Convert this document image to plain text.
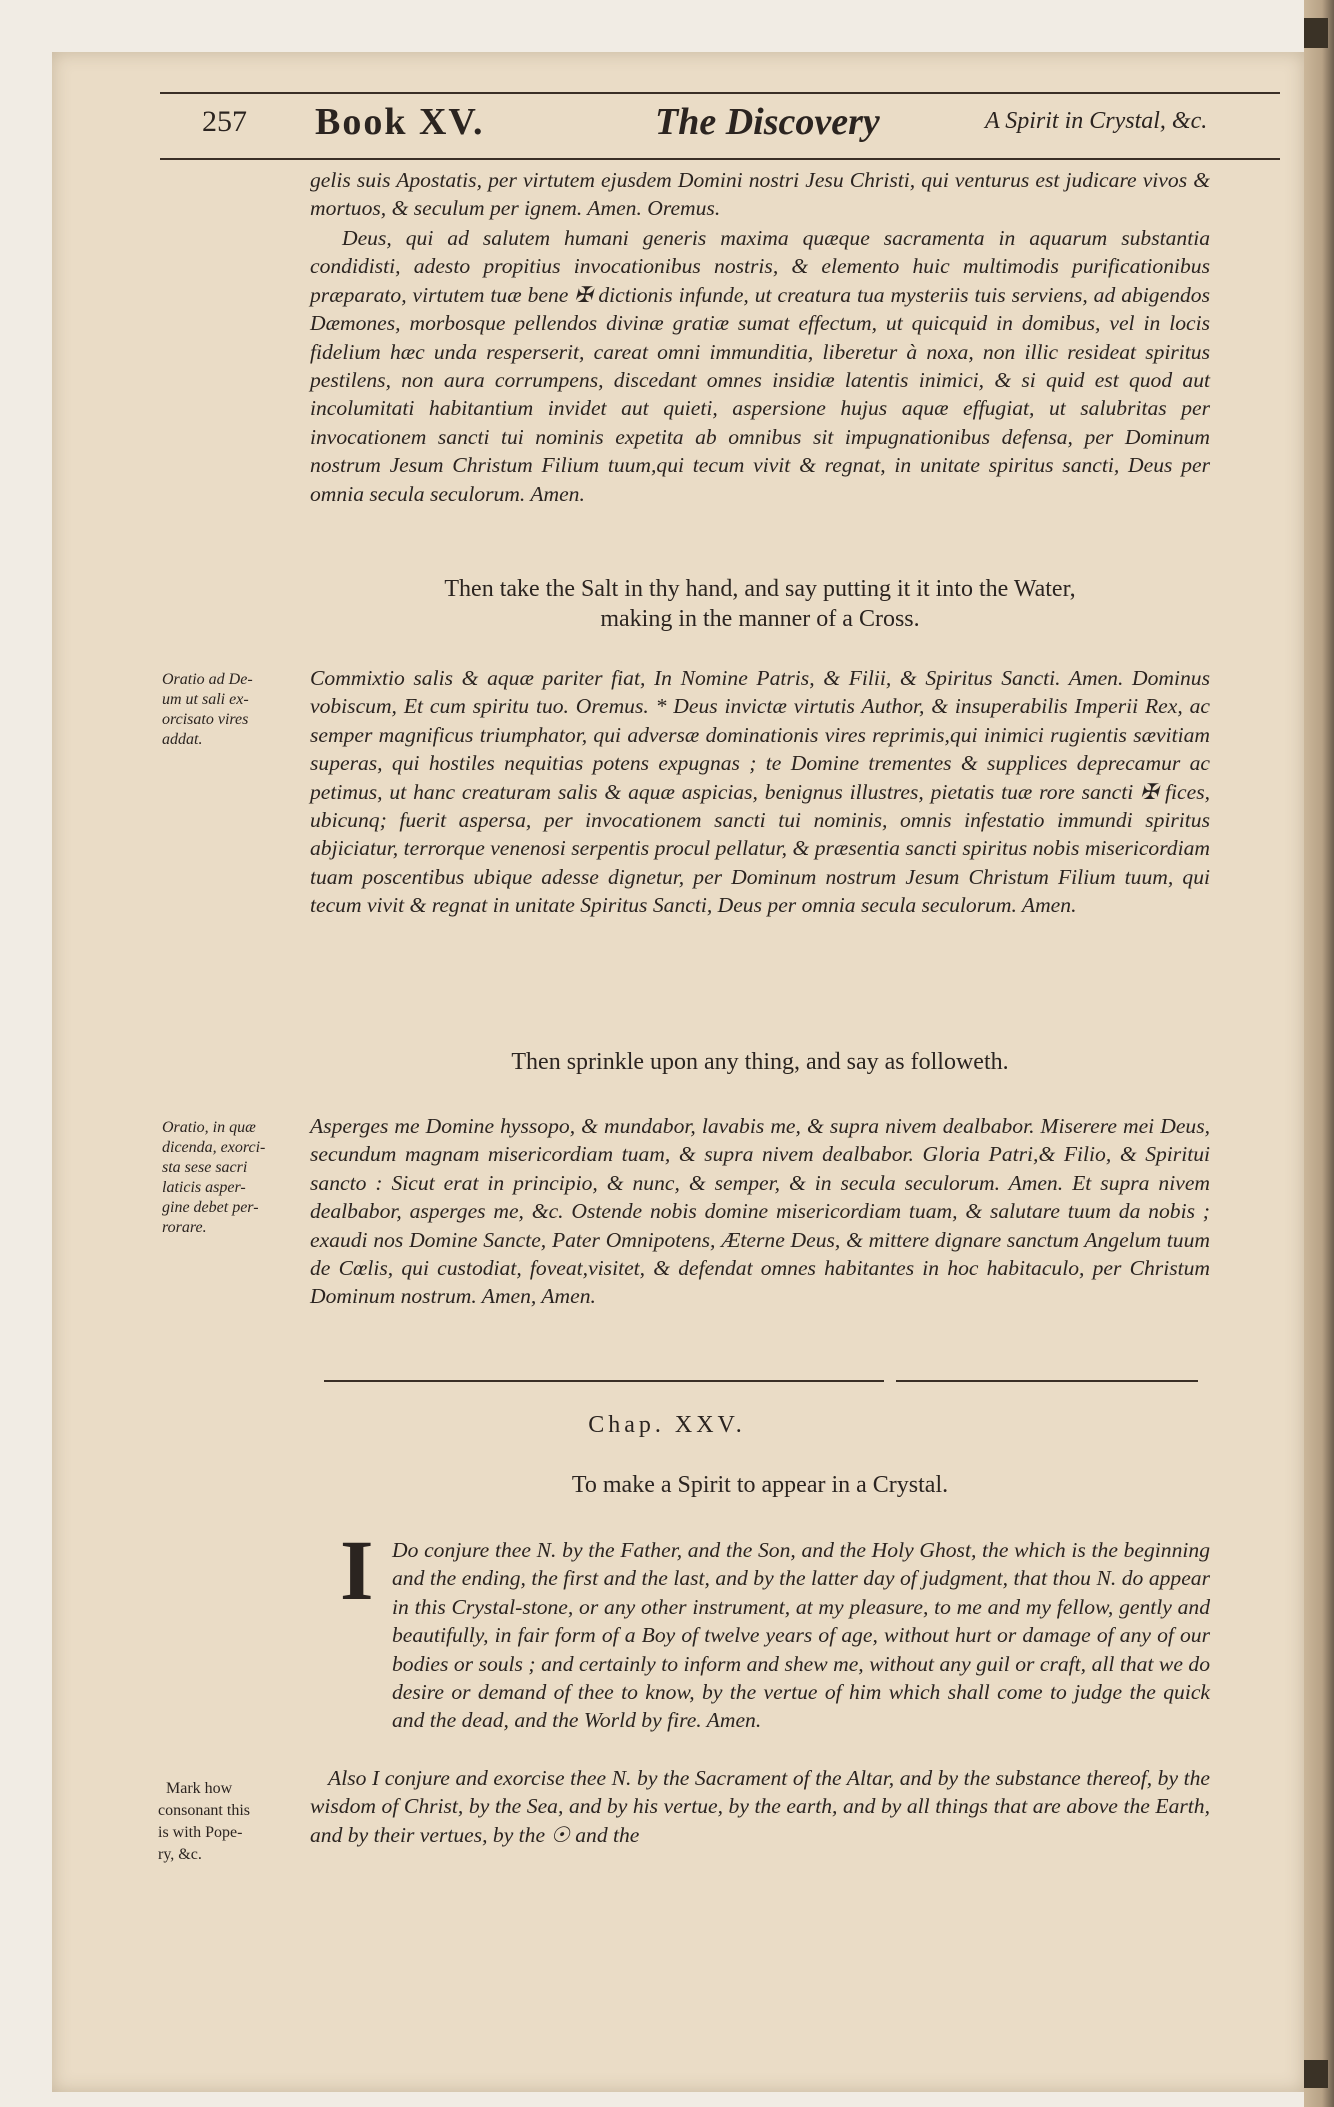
257 Book XV.	The Discovery	A Spirit in Crystal, &c.

gelis suis Apostatis, per virtutem ejusdem Domini nostri Jesu Christi, qui venturus est judicare vivos & mortuos, & seculum per ignem. Amen. Oremus.

Deus, qui ad salutem humani generis maxima quæque sacramenta in aquarum substantia condidisti, adesto propitius invocationibus nostris, & elemento huic multimodis purificationibus præparato, virtutem tuæ bene ✠ dictionis infunde, ut creatura tua mysteriis tuis serviens, ad abigendos Dæmones, morbosque pellendos divinæ gratiæ sumat effectum, ut quicquid in domibus, vel in locis fidelium hæc unda resperserit, careat omni immunditia, liberetur à noxa, non illic resideat spiritus pestilens, non aura corrumpens, discedant omnes insidiæ latentis inimici, & si quid est quod aut incolumitati habitantium invidet aut quieti, aspersione hujus aquæ effugiat, ut salubritas per invocationem sancti tui nominis expetita ab omnibus sit impugnationibus defensa, per Dominum nostrum Jesum Christum Filium tuum,qui tecum vivit & regnat, in unitate spiritus sancti, Deus per omnia secula seculorum. Amen.

Then take the Salt in thy hand, and say putting it it into the Water,

making in the manner of a Cross.

Oratio ad De-

um ut sali ex-

orcisato vires

addat.

Commixtio salis & aquæ pariter fiat, In Nomine Patris, & Filii, & Spiritus Sancti. Amen. Dominus vobiscum, Et cum spiritu tuo. Oremus. * Deus invictæ virtutis Author, & insuperabilis Imperii Rex, ac semper magnificus triumphator, qui adversæ dominationis vires reprimis,qui inimici rugientis sævitiam superas, qui hostiles nequitias potens expugnas ; te Domine trementes & supplices deprecamur ac petimus, ut hanc creaturam salis & aquæ aspicias, benignus illustres, pietatis tuæ rore sancti ✠ fices, ubicunq; fuerit aspersa, per invocationem sancti tui nominis, omnis infestatio immundi spiritus abjiciatur, terrorque venenosi serpentis procul pellatur, & præsentia sancti spiritus nobis misericordiam tuam poscentibus ubique adesse dignetur, per Dominum nostrum Jesum Christum Filium tuum, qui tecum vivit & regnat in unitate Spiritus Sancti, Deus per omnia secula seculorum. Amen.

Then sprinkle upon any thing, and say as followeth.

Oratio, in quæ

dicenda, exorci-

sta sese sacri

laticis asper-

gine debet per-

rorare.

Asperges me Domine hyssopo, & mundabor, lavabis me, & supra nivem dealbabor. Miserere mei Deus, secundum magnam misericordiam tuam, & supra nivem dealbabor. Gloria Patri,& Filio, & Spiritui sancto : Sicut erat in principio, & nunc, & semper, & in secula seculorum. Amen. Et supra nivem dealbabor, asperges me, &c. Ostende nobis domine misericordiam tuam, & salutare tuum da nobis ; exaudi nos Domine Sancte, Pater Omnipotens, Æterne Deus, & mittere dignare sanctum Angelum tuum de Cœlis, qui custodiat, foveat,visitet, & defendat omnes habitantes in hoc habitaculo, per Christum Dominum nostrum. Amen, Amen.

Chap. XXV.

To make a Spirit to appear in a Crystal.

I Do conjure thee N. by the Father, and the Son, and the Holy Ghost, the which is the beginning and the ending, the first and the last, and by the latter day of judgment, that thou N. do appear in this Crystal-stone, or any other instrument, at my pleasure, to me and my fellow, gently and beautifully, in fair form of a Boy of twelve years of age, without hurt or damage of any of our bodies or souls ; and certainly to inform and shew me, without any guil or craft, all that we do desire or demand of thee to know, by the vertue of him which shall come to judge the quick and the dead, and the World by fire. Amen.

Mark how

consonant this

is with Pope-

ry, &c.

Also I conjure and exorcise thee N. by the Sacrament of the Altar, and by the substance thereof, by the wisdom of Christ, by the Sea, and by his vertue, by the earth, and by all things that are above the Earth, and by their vertues, by the ☉ and the
